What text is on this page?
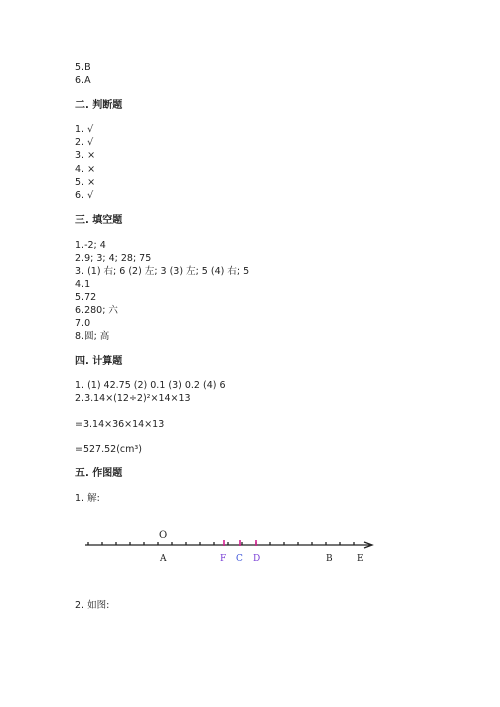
5.B
6.A
二. 判断题
1. √
2. √
3. ×
4. ×
5. ×
6. √
三. 填空题
1.-2; 4
2.9; 3; 4; 28; 75
3. (1) 右; 6 (2) 左; 3 (3) 左; 5 (4) 右; 5
4.1
5.72
6.280; 六
7.0
8.圆; 高
四. 计算题
1. (1) 42.75 (2) 0.1 (3) 0.2 (4) 6
2.3.14×(12÷2)²×14×13
=3.14×36×14×13
=527.52(cm³)
五. 作图题
1. 解:
O
A	F C D	B	E
2. 如图:
